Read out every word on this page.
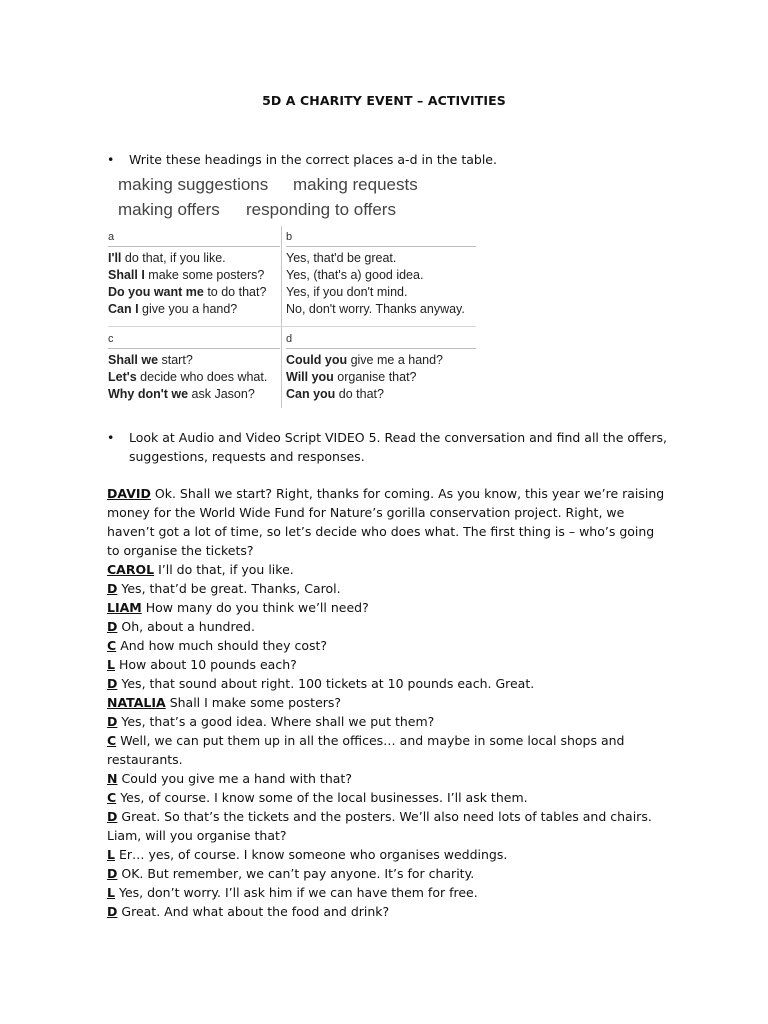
5D A CHARITY EVENT – ACTIVITIES
• Write these headings in the correct places a-d in the table.
making suggestions making requests
making offers responding to offers
a
I'll do that, if you like.
Shall I make some posters?
Do you want me to do that?
Can I give you a hand?
b
Yes, that'd be great.
Yes, (that's a) good idea.
Yes, if you don't mind.
No, don't worry. Thanks anyway.
c
Shall we start?
Let's decide who does what.
Why don't we ask Jason?
d
Could you give me a hand?
Will you organise that?
Can you do that?
• Look at Audio and Video Script VIDEO 5. Read the conversation and find all the offers, suggestions, requests and responses.

DAVID Ok. Shall we start? Right, thanks for coming. As you know, this year we’re raising money for the World Wide Fund for Nature’s gorilla conservation project. Right, we haven’t got a lot of time, so let’s decide who does what. The first thing is – who’s going to organise the tickets?

CAROL I’ll do that, if you like.

D Yes, that’d be great. Thanks, Carol.

LIAM How many do you think we’ll need?

D Oh, about a hundred.

C And how much should they cost?

L How about 10 pounds each?

D Yes, that sound about right. 100 tickets at 10 pounds each. Great.

NATALIA Shall I make some posters?

D Yes, that’s a good idea. Where shall we put them?

C Well, we can put them up in all the offices… and maybe in some local shops and restaurants.

N Could you give me a hand with that?

C Yes, of course. I know some of the local businesses. I’ll ask them.

D Great. So that’s the tickets and the posters. We’ll also need lots of tables and chairs. Liam, will you organise that?

L Er… yes, of course. I know someone who organises weddings.

D OK. But remember, we can’t pay anyone. It’s for charity.

L Yes, don’t worry. I’ll ask him if we can have them for free.

D Great. And what about the food and drink?
